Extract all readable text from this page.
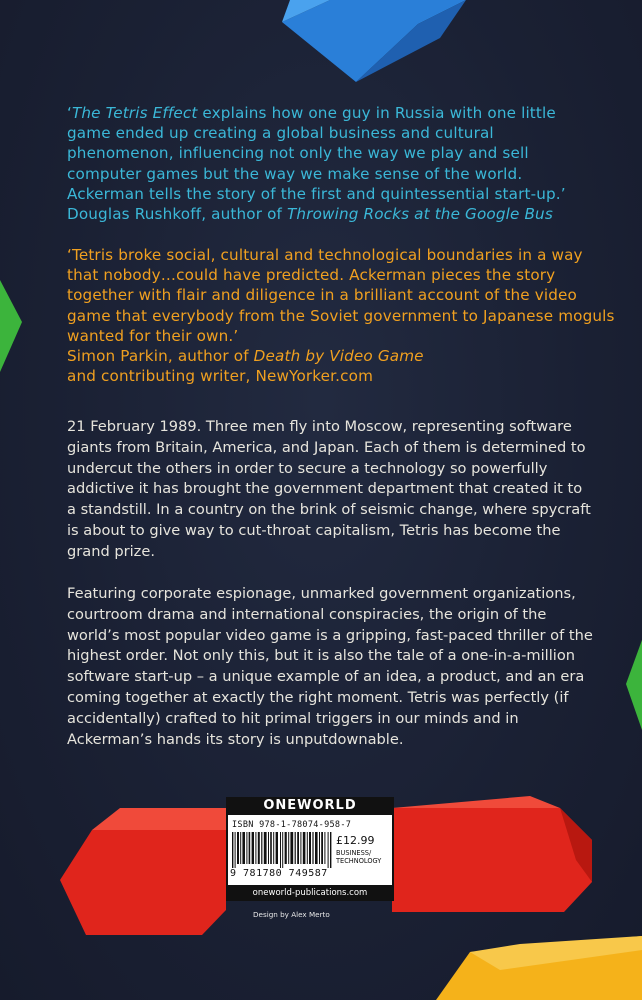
‘The Tetris Effect explains how one guy in Russia with one little game ended up creating a global business and cultural phenomenon, influencing not only the way we play and sell computer games but the way we make sense of the world. Ackerman tells the story of the first and quintessential start-up.’

Douglas Rushkoff, author of Throwing Rocks at the Google Bus

‘Tetris broke social, cultural and technological boundaries in a way that nobody…could have predicted. Ackerman pieces the story together with flair and diligence in a brilliant account of the video game that everybody from the Soviet government to Japanese moguls wanted for their own.’

Simon Parkin, author of Death by Video Game

and contributing writer, NewYorker.com

21 February 1989. Three men fly into Moscow, representing software giants from Britain, America, and Japan. Each of them is determined to undercut the others in order to secure a technology so powerfully addictive it has brought the government department that created it to a standstill. In a country on the brink of seismic change, where spycraft is about to give way to cut-throat capitalism, Tetris has become the grand prize.

Featuring corporate espionage, unmarked government organizations, courtroom drama and international conspiracies, the origin of the world’s most popular video game is a gripping, fast-paced thriller of the highest order. Not only this, but it is also the tale of a one-in-a-million software start-up – a unique example of an idea, a product, and an era coming together at exactly the right moment. Tetris was perfectly (if accidentally) crafted to hit primal triggers in our minds and in Ackerman’s hands its story is unputdownable.

ONEWORLD
ISBN 978-1-78074-958-7
9 781780 749587
£12.99
BUSINESS/
TECHNOLOGY
oneworld-publications.com
Design by Alex Merto
